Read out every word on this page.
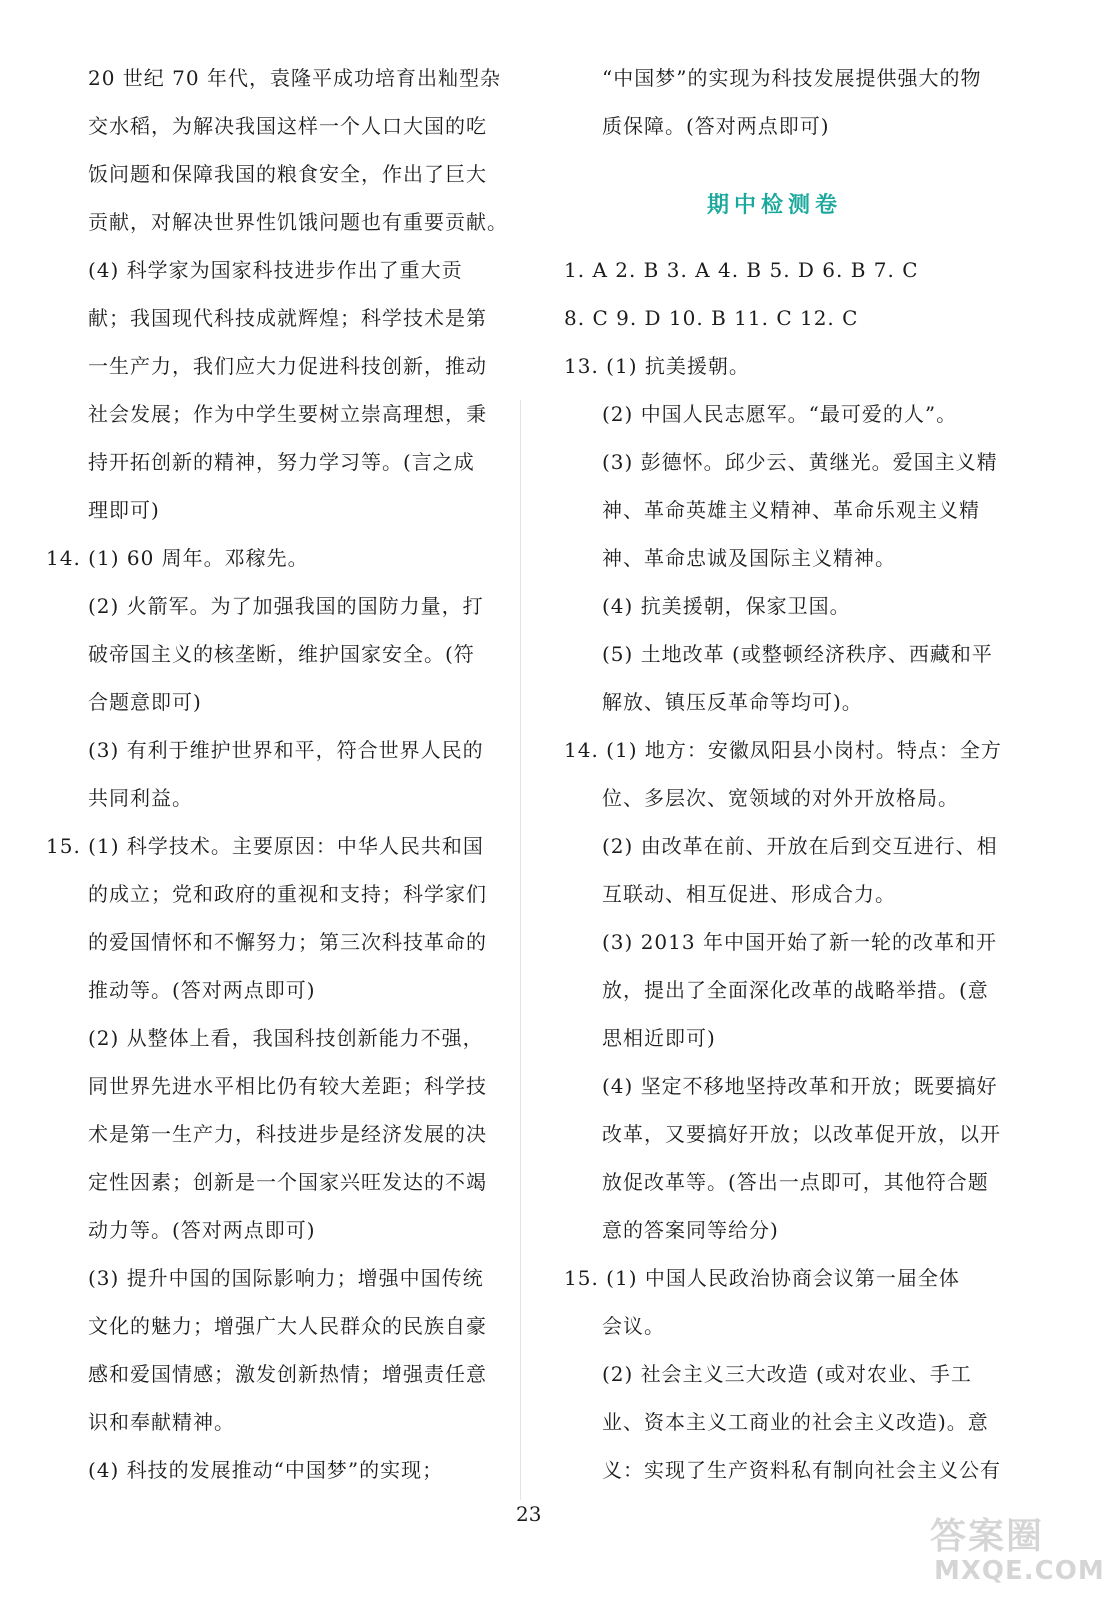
20 世纪 70 年代，袁隆平成功培育出籼型杂
交水稻，为解决我国这样一个人口大国的吃
饭问题和保障我国的粮食安全，作出了巨大
贡献，对解决世界性饥饿问题也有重要贡献。
(4) 科学家为国家科技进步作出了重大贡
献；我国现代科技成就辉煌；科学技术是第
一生产力，我们应大力促进科技创新，推动
社会发展；作为中学生要树立崇高理想，秉
持开拓创新的精神，努力学习等。(言之成
理即可)
14. (1) 60 周年。邓稼先。
(2) 火箭军。为了加强我国的国防力量，打
破帝国主义的核垄断，维护国家安全。(符
合题意即可)
(3) 有利于维护世界和平，符合世界人民的
共同利益。
15. (1) 科学技术。主要原因：中华人民共和国
的成立；党和政府的重视和支持；科学家们
的爱国情怀和不懈努力；第三次科技革命的
推动等。(答对两点即可)
(2) 从整体上看，我国科技创新能力不强，
同世界先进水平相比仍有较大差距；科学技
术是第一生产力，科技进步是经济发展的决
定性因素；创新是一个国家兴旺发达的不竭
动力等。(答对两点即可)
(3) 提升中国的国际影响力；增强中国传统
文化的魅力；增强广大人民群众的民族自豪
感和爱国情感；激发创新热情；增强责任意
识和奉献精神。
(4) 科技的发展推动“中国梦”的实现；
“中国梦”的实现为科技发展提供强大的物
质保障。(答对两点即可)
1. A 2. B 3. A 4. B 5. D 6. B 7. C
8. C 9. D 10. B 11. C 12. C
13. (1) 抗美援朝。
(2) 中国人民志愿军。“最可爱的人”。
(3) 彭德怀。邱少云、黄继光。爱国主义精
神、革命英雄主义精神、革命乐观主义精
神、革命忠诚及国际主义精神。
(4) 抗美援朝，保家卫国。
(5) 土地改革 (或整顿经济秩序、西藏和平
解放、镇压反革命等均可)。
14. (1) 地方：安徽凤阳县小岗村。特点：全方
位、多层次、宽领域的对外开放格局。
(2) 由改革在前、开放在后到交互进行、相
互联动、相互促进、形成合力。
(3) 2013 年中国开始了新一轮的改革和开
放，提出了全面深化改革的战略举措。(意
思相近即可)
(4) 坚定不移地坚持改革和开放；既要搞好
改革，又要搞好开放；以改革促开放，以开
放促改革等。(答出一点即可，其他符合题
意的答案同等给分)
15. (1) 中国人民政治协商会议第一届全体
会议。
(2) 社会主义三大改造 (或对农业、手工
业、资本主义工商业的社会主义改造)。意
义：实现了生产资料私有制向社会主义公有
期中检测卷
23
答案圈
MXQE.COM
